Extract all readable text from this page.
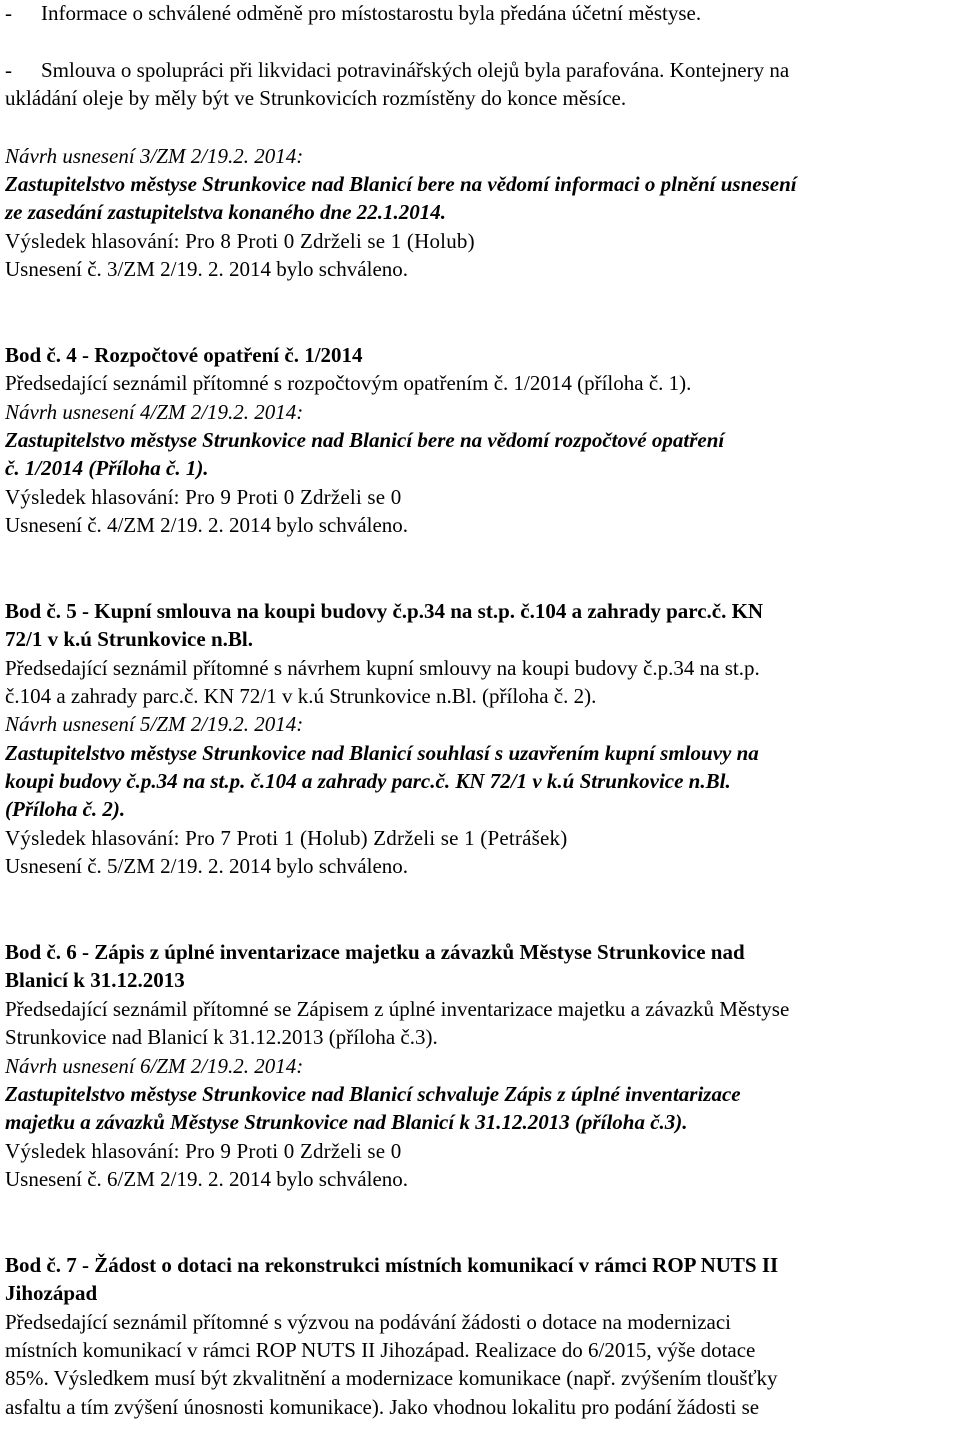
- Informace o schválené odměně pro místostarostu byla předána účetní městyse.
- Smlouva o spolupráci při likvidaci potravinářských olejů byla parafována. Kontejnery na
ukládání oleje by měly být ve Strunkovicích rozmístěny do konce měsíce.
Návrh usnesení 3/ZM 2/19.2. 2014:
Zastupitelstvo městyse Strunkovice nad Blanicí bere na vědomí informaci o plnění usnesení
ze zasedání zastupitelstva konaného dne 22.1.2014.
Výsledek hlasování: Pro 8 Proti 0 Zdrželi se 1 (Holub)
Usnesení č. 3/ZM 2/19. 2. 2014 bylo schváleno.
Bod č. 4 - Rozpočtové opatření č. 1/2014
Předsedající seznámil přítomné s rozpočtovým opatřením č. 1/2014 (příloha č. 1).
Návrh usnesení 4/ZM 2/19.2. 2014:
Zastupitelstvo městyse Strunkovice nad Blanicí bere na vědomí rozpočtové opatření
č. 1/2014 (Příloha č. 1).
Výsledek hlasování: Pro 9 Proti 0 Zdrželi se 0
Usnesení č. 4/ZM 2/19. 2. 2014 bylo schváleno.
Bod č. 5 - Kupní smlouva na koupi budovy č.p.34 na st.p. č.104 a zahrady parc.č. KN
72/1 v k.ú Strunkovice n.Bl.
Předsedající seznámil přítomné s návrhem kupní smlouvy na koupi budovy č.p.34 na st.p.
č.104 a zahrady parc.č. KN 72/1 v k.ú Strunkovice n.Bl. (příloha č. 2).
Návrh usnesení 5/ZM 2/19.2. 2014:
Zastupitelstvo městyse Strunkovice nad Blanicí souhlasí s uzavřením kupní smlouvy na
koupi budovy č.p.34 na st.p. č.104 a zahrady parc.č. KN 72/1 v k.ú Strunkovice n.Bl.
(Příloha č. 2).
Výsledek hlasování: Pro 7 Proti 1 (Holub) Zdrželi se 1 (Petrášek)
Usnesení č. 5/ZM 2/19. 2. 2014 bylo schváleno.
Bod č. 6 - Zápis z úplné inventarizace majetku a závazků Městyse Strunkovice nad
Blanicí k 31.12.2013
Předsedající seznámil přítomné se Zápisem z úplné inventarizace majetku a závazků Městyse
Strunkovice nad Blanicí k 31.12.2013 (příloha č.3).
Návrh usnesení 6/ZM 2/19.2. 2014:
Zastupitelstvo městyse Strunkovice nad Blanicí schvaluje Zápis z úplné inventarizace
majetku a závazků Městyse Strunkovice nad Blanicí k 31.12.2013 (příloha č.3).
Výsledek hlasování: Pro 9 Proti 0 Zdrželi se 0
Usnesení č. 6/ZM 2/19. 2. 2014 bylo schváleno.
Bod č. 7 - Žádost o dotaci na rekonstrukci místních komunikací v rámci ROP NUTS II
Jihozápad
Předsedající seznámil přítomné s výzvou na podávání žádosti o dotace na modernizaci
místních komunikací v rámci ROP NUTS II Jihozápad. Realizace do 6/2015, výše dotace
85%. Výsledkem musí být zkvalitnění a modernizace komunikace (např. zvýšením tloušťky
asfaltu a tím zvýšení únosnosti komunikace). Jako vhodnou lokalitu pro podání žádosti se
